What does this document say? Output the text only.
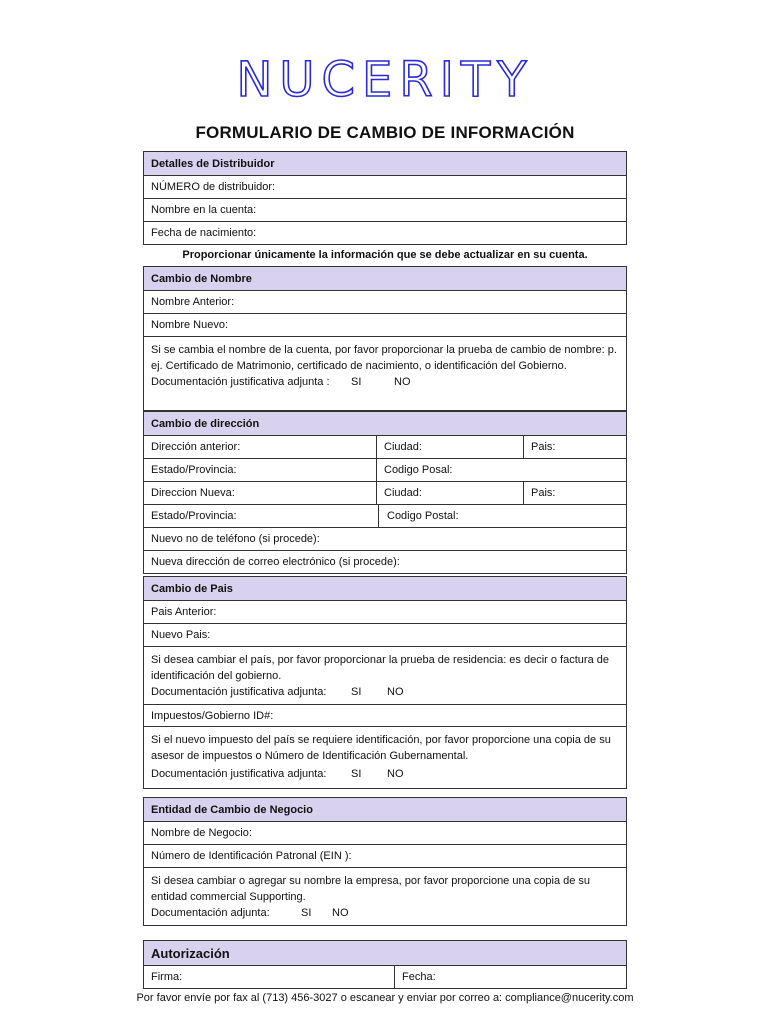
NUCERITY
FORMULARIO DE CAMBIO DE INFORMACIÓN
Detalles de Distribuidor
NÚMERO de distribuidor:
Nombre en la cuenta:
Fecha de nacimiento:
Proporcionar únicamente la información que se debe actualizar en su cuenta.
Cambio de Nombre
Nombre Anterior:
Nombre Nuevo:
Si se cambia el nombre de la cuenta, por favor proporcionar la prueba de cambio de nombre: p. ej. Certificado de Matrimonio, certificado de nacimiento, o identificación del Gobierno.
Documentación justificativa adjunta :	SI	NO
Cambio de dirección
Dirección anterior:	Ciudad:	Pais:
Estado/Provincia:	Codigo Posal:
Direccion Nueva:	Ciudad:	Pais:
Estado/Provincia:	Codigo Postal:
Nuevo no de teléfono (si procede):
Nueva dirección de correo electrónico (si procede):
Cambio de Pais
Pais Anterior:
Nuevo Pais:
Si desea cambiar el país, por favor proporcionar la prueba de residencia: es decir o factura de identificación del gobierno.
Documentación justificativa adjunta:	SI	NO
Impuestos/Gobierno ID#:
Si el nuevo impuesto del país se requiere identificación, por favor proporcione una copia de su asesor de impuestos o Número de Identificación Gubernamental.
Documentación justificativa adjunta:	SI	NO
Entidad de Cambio de Negocio
Nombre de Negocio:
Número de Identificación Patronal (EIN ):
Si desea cambiar o agregar su nombre la empresa, por favor proporcione una copia de su entidad commercial Supporting.
Documentación adjunta:	SI	NO
Autorización
Firma:	Fecha:
Por favor envíe por fax al (713) 456-3027 o escanear y enviar por correo a: compliance@nucerity.com
